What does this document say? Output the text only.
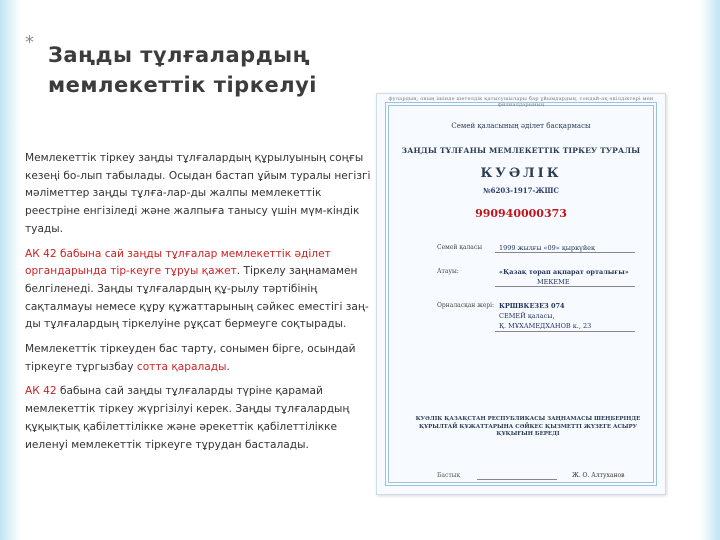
*
Заңды тұлғалардың мемлекеттік тіркелуі

Мемлекеттік тіркеу заңды тұлғалардың құрылуының соңғы кезеңі бо-лып табылады. Осыдан бастап ұйым туралы негізгі мәліметтер заңды тұлға-лар-ды жалпы мемлекеттік реестріне енгізіледі және жалпыға танысу үшін мүм-кіндік туады.

АК 42 бабына сай заңды тұлғалар мемлекеттік әділет органдарында тір-кеуге тұруы қажет. Тіркелу заңнамамен белгіленеді. Заңды тұлғалардың құ-рылу тәртібінің сақталмауы немесе құру құжаттарының сәйкес еместігі заң-ды тұлғалардың тіркелуіне рұқсат бермеуге соқтырады.

Мемлекеттік тіркеуден бас тарту, сонымен бірге, осындай тіркеуге тұргызбау сотта қаралады.

АК 42 бабына сай заңды тұлғаларды түріне қарамай мемлекеттік тіркеу жүргізілуі керек. Заңды тұлғалардың құқықтық қабілеттілікке және әрекеттік қабілеттілікке иеленуі мемлекеттік тіркеуге тұрудан басталады.

фулардың, оның ішінде шетелдік қатысушылары бар ұйымдардың, сондай-ақ өкілдіктері мен филиалдарының
Семей қаласының әділет басқармасы
ЗАҢДЫ ТҰЛҒАНЫ МЕМЛЕКЕТТІК ТІРКЕУ ТУРАЛЫ
КУӘЛІК
№6203-1917-ЖШС
990940000373
Семей қаласы	1999 жылғы «09» қыркүйек
Атауы:	«Қазақ торап ақпарат орталығы»
МЕКЕМЕ
Орналасқан жері: КРШВКЕЗЕЗ 074
СЕМЕЙ қаласы,
Қ. МҰХАМЕДХАНОВ к., 23
КУӘЛІК ҚАЗАҚСТАН РЕСПУБЛИКАСЫ ЗАҢНАМАСЫ ШЕҢБЕРІНДЕ ҚҰРЫЛТАЙ ҚҰЖАТТАРЫНА СӘЙКЕС ҚЫЗМЕТТІ ЖҮЗЕГЕ АСЫРУ ҚҰҚЫҒЫН БЕРЕДІ
Бастық	Ж. О. Алтуханов
